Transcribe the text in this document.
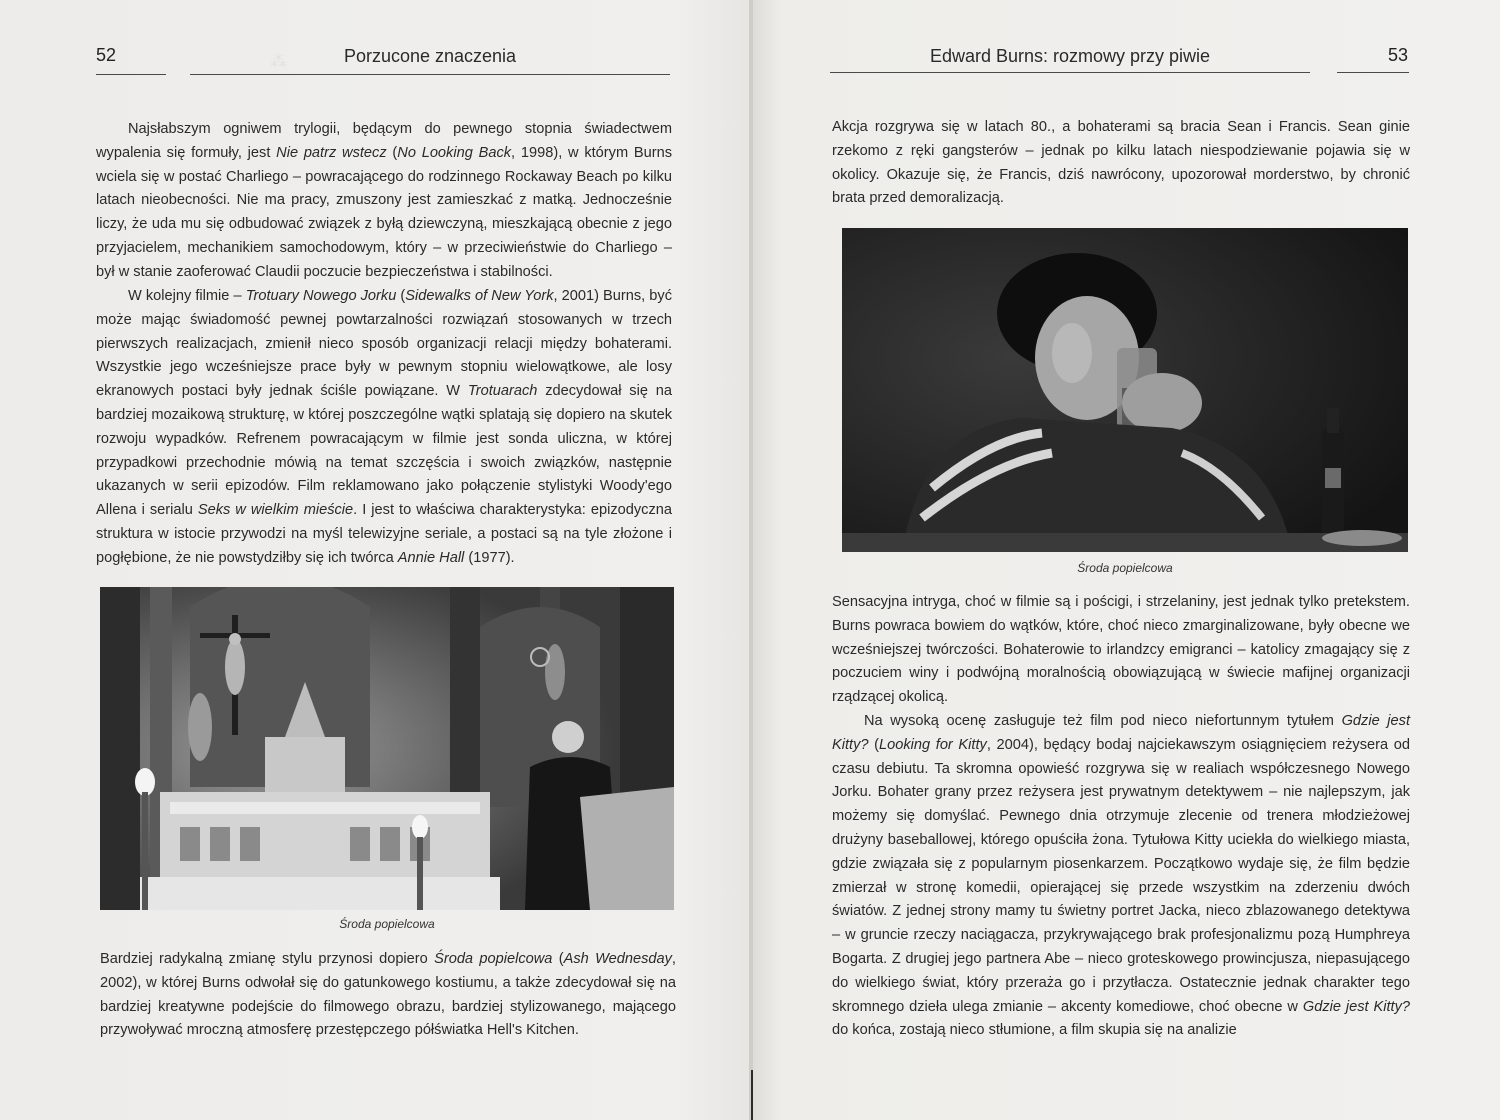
⁂
52	Porzucone znaczenia

Najsłabszym ogniwem trylogii, będącym do pewnego stopnia świadectwem wypalenia się formuły, jest Nie patrz wstecz (No Looking Back, 1998), w którym Burns wciela się w postać Charliego – powracającego do rodzinnego Rockaway Beach po kilku latach nieobecności. Nie ma pracy, zmuszony jest zamieszkać z matką. Jednocześnie liczy, że uda mu się odbudować związek z byłą dziewczyną, mieszkającą obecnie z jego przyjacielem, mechanikiem samochodowym, który – w przeciwieństwie do Charliego – był w stanie zaoferować Claudii poczucie bezpieczeństwa i stabilności.

W kolejny filmie – Trotuary Nowego Jorku (Sidewalks of New York, 2001) Burns, być może mając świadomość pewnej powtarzalności rozwiązań stosowanych w trzech pierwszych realizacjach, zmienił nieco sposób organizacji relacji między bohaterami. Wszystkie jego wcześniejsze prace były w pewnym stopniu wielowątkowe, ale losy ekranowych postaci były jednak ściśle powiązane. W Trotuarach zdecydował się na bardziej mozaikową strukturę, w której poszczególne wątki splatają się dopiero na skutek rozwoju wypadków. Refrenem powracającym w filmie jest sonda uliczna, w której przypadkowi przechodnie mówią na temat szczęścia i swoich związków, następnie ukazanych w serii epizodów. Film reklamowano jako połączenie stylistyki Woody'ego Allena i serialu Seks w wielkim mieście. I jest to właściwa charakterystyka: epizodyczna struktura w istocie przywodzi na myśl telewizyjne seriale, a postaci są na tyle złożone i pogłębione, że nie powstydziłby się ich twórca Annie Hall (1977).

Środa popielcowa

Bardziej radykalną zmianę stylu przynosi dopiero Środa popielcowa (Ash Wednesday, 2002), w której Burns odwołał się do gatunkowego kostiumu, a także zdecydował się na bardziej kreatywne podejście do filmowego obrazu, bardziej stylizowanego, mającego przywoływać mroczną atmosferę przestępczego półświatka Hell's Kitchen.

Edward Burns: rozmowy przy piwie	53

Akcja rozgrywa się w latach 80., a bohaterami są bracia Sean i Francis. Sean ginie rzekomo z ręki gangsterów – jednak po kilku latach niespodziewanie pojawia się w okolicy. Okazuje się, że Francis, dziś nawrócony, upozorował morderstwo, by chronić brata przed demoralizacją.

Środa popielcowa

Sensacyjna intryga, choć w filmie są i pościgi, i strzelaniny, jest jednak tylko pretekstem. Burns powraca bowiem do wątków, które, choć nieco zmarginalizowane, były obecne we wcześniejszej twórczości. Bohaterowie to irlandzcy emigranci – katolicy zmagający się z poczuciem winy i podwójną moralnością obowiązującą w świecie mafijnej organizacji rządzącej okolicą.

Na wysoką ocenę zasługuje też film pod nieco niefortunnym tytułem Gdzie jest Kitty? (Looking for Kitty, 2004), będący bodaj najciekawszym osiągnięciem reżysera od czasu debiutu. Ta skromna opowieść rozgrywa się w realiach współczesnego Nowego Jorku. Bohater grany przez reżysera jest prywatnym detektywem – nie najlepszym, jak możemy się domyślać. Pewnego dnia otrzymuje zlecenie od trenera młodzieżowej drużyny baseballowej, którego opuściła żona. Tytułowa Kitty uciekła do wielkiego miasta, gdzie związała się z popularnym piosenkarzem. Początkowo wydaje się, że film będzie zmierzał w stronę komedii, opierającej się przede wszystkim na zderzeniu dwóch światów. Z jednej strony mamy tu świetny portret Jacka, nieco zblazowanego detektywa – w gruncie rzeczy naciągacza, przykrywającego brak profesjonalizmu pozą Humphreya Bogarta. Z drugiej jego partnera Abe – nieco groteskowego prowincjusza, niepasującego do wielkiego świat, który przeraża go i przytłacza. Ostatecznie jednak charakter tego skromnego dzieła ulega zmianie – akcenty komediowe, choć obecne w Gdzie jest Kitty? do końca, zostają nieco stłumione, a film skupia się na analizie
